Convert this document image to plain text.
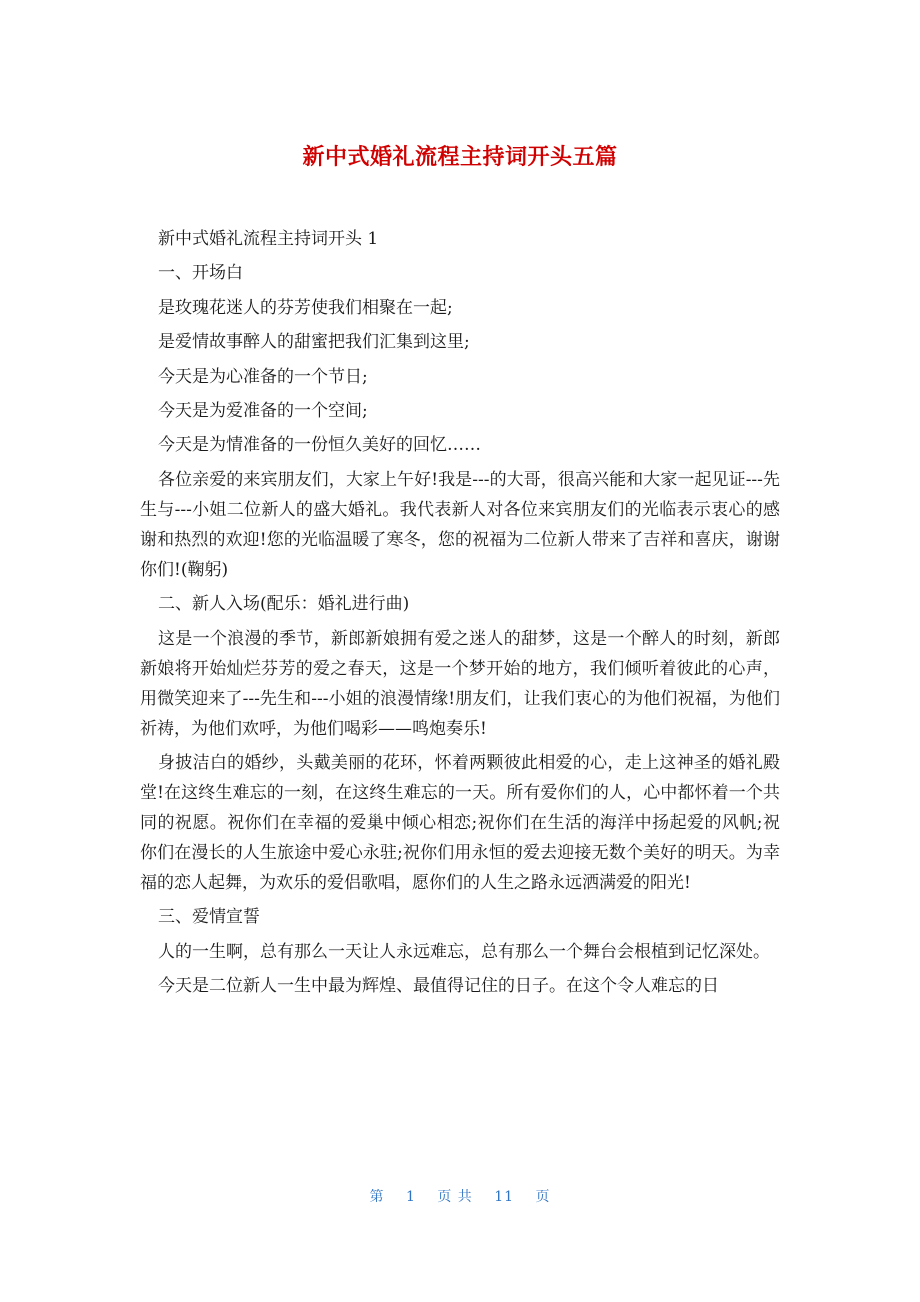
新中式婚礼流程主持词开头五篇
新中式婚礼流程主持词开头 1
一、开场白
是玫瑰花迷人的芬芳使我们相聚在一起;
是爱情故事醉人的甜蜜把我们汇集到这里;
今天是为心准备的一个节日;
今天是为爱准备的一个空间;
今天是为情准备的一份恒久美好的回忆……

各位亲爱的来宾朋友们，大家上午好!我是---的大哥，很高兴能和大家一起见证---先生与---小姐二位新人的盛大婚礼。我代表新人对各位来宾朋友们的光临表示衷心的感谢和热烈的欢迎!您的光临温暖了寒冬，您的祝福为二位新人带来了吉祥和喜庆，谢谢你们!(鞠躬)

二、新人入场(配乐：婚礼进行曲)

这是一个浪漫的季节，新郎新娘拥有爱之迷人的甜梦，这是一个醉人的时刻，新郎新娘将开始灿烂芬芳的爱之春天，这是一个梦开始的地方，我们倾听着彼此的心声，用微笑迎来了---先生和---小姐的浪漫情缘!朋友们，让我们衷心的为他们祝福，为他们祈祷，为他们欢呼，为他们喝彩——鸣炮奏乐!

身披洁白的婚纱，头戴美丽的花环，怀着两颗彼此相爱的心，走上这神圣的婚礼殿堂!在这终生难忘的一刻，在这终生难忘的一天。所有爱你们的人，心中都怀着一个共同的祝愿。祝你们在幸福的爱巢中倾心相恋;祝你们在生活的海洋中扬起爱的风帆;祝你们在漫长的人生旅途中爱心永驻;祝你们用永恒的爱去迎接无数个美好的明天。为幸福的恋人起舞，为欢乐的爱侣歌唱，愿你们的人生之路永远洒满爱的阳光!

三、爱情宣誓

人的一生啊，总有那么一天让人永远难忘，总有那么一个舞台会根植到记忆深处。

今天是二位新人一生中最为辉煌、最值得记住的日子。在这个令人难忘的日

第 1 页 共 11 页
